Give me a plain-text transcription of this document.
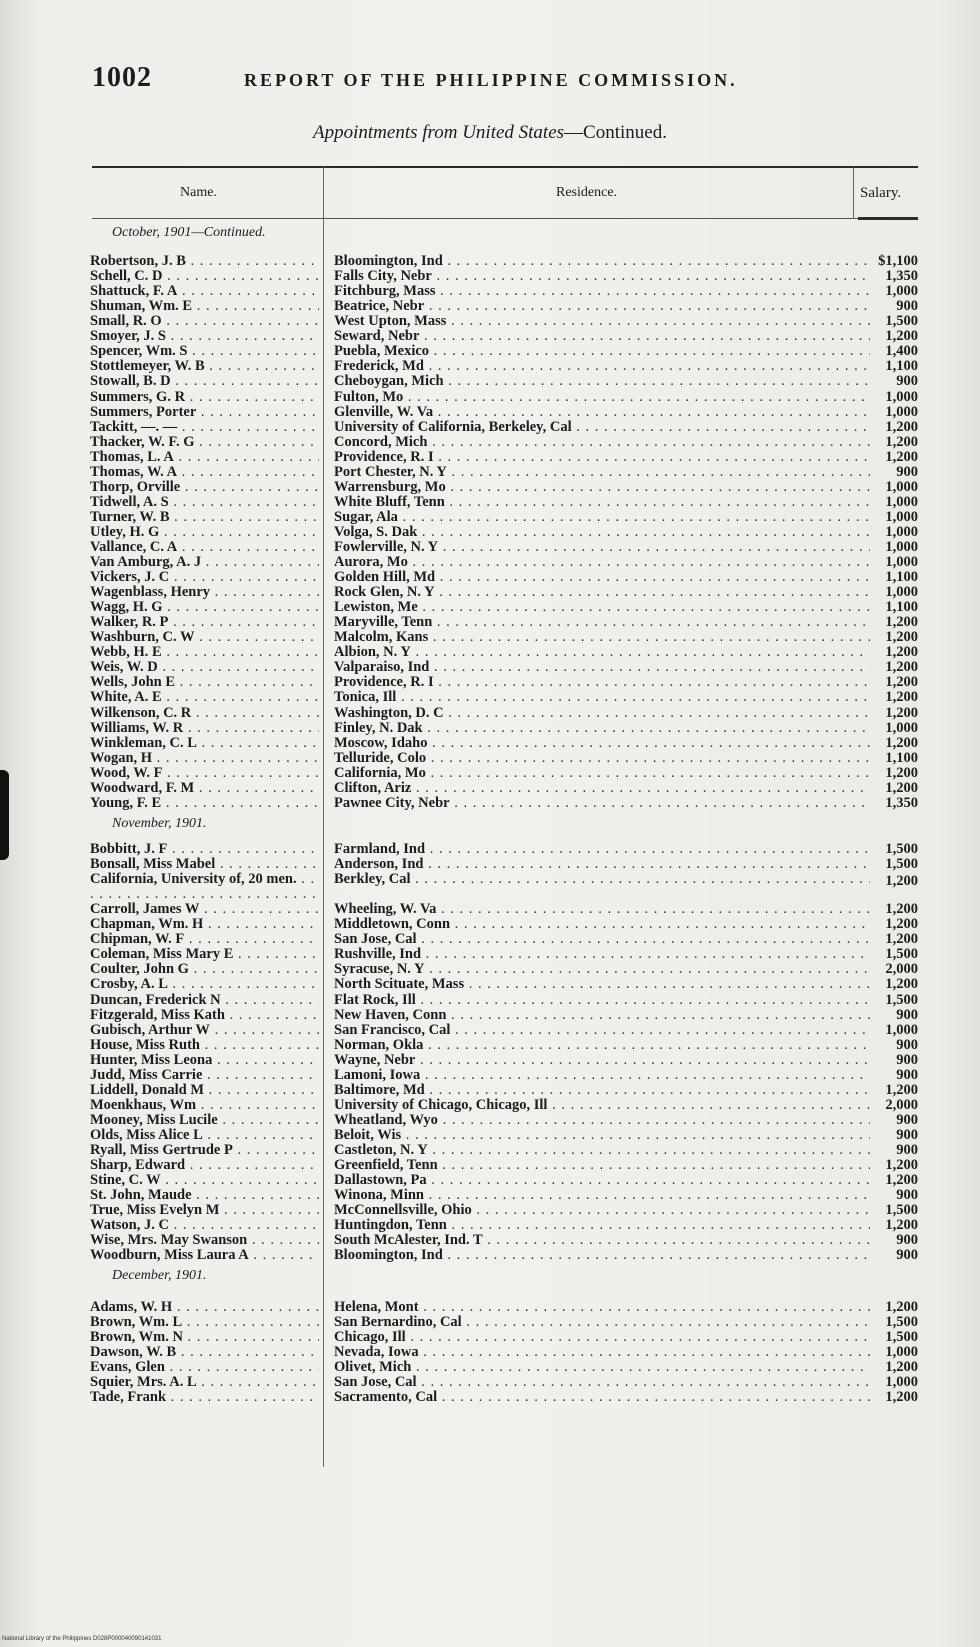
1002	REPORT OF THE PHILIPPINE COMMISSION.
Appointments from United States—Continued.
Name.	Residence.	Salary.
October, 1901—Continued.
Robertson, J. B . . .	Bloomington, Ind . . .	$1,100
Schell, C. D . . .	Falls City, Nebr . . .	1,350
Shattuck, F. A . . .	Fitchburg, Mass . . .	1,000
Shuman, Wm. E . . .	Beatrice, Nebr . . .	900
Small, R. O . . .	West Upton, Mass . . .	1,500
Smoyer, J. S . . .	Seward, Nebr . . .	1,200
Spencer, Wm. S . . .	Puebla, Mexico . . .	1,400
Stottlemeyer, W. B . . .	Frederick, Md . . .	1,100
Stowall, B. D . . .	Cheboygan, Mich . . .	900
Summers, G. R . . .	Fulton, Mo . . .	1,000
Summers, Porter . . .	Glenville, W. Va . . .	1,000
Tackitt, —. — . . .	University of California, Berkeley, Cal . . .	1,200
Thacker, W. F. G . . .	Concord, Mich . . .	1,200
Thomas, L. A . . .	Providence, R. I . . .	1,200
Thomas, W. A . . .	Port Chester, N. Y . . .	900
Thorp, Orville . . .	Warrensburg, Mo . . .	1,000
Tidwell, A. S . . .	White Bluff, Tenn . . .	1,000
Turner, W. B . . .	Sugar, Ala . . .	1,000
Utley, H. G . . .	Volga, S. Dak . . .	1,000
Vallance, C. A . . .	Fowlerville, N. Y . . .	1,000
Van Amburg, A. J . . .	Aurora, Mo . . .	1,000
Vickers, J. C . . .	Golden Hill, Md . . .	1,100
Wagenblass, Henry . . .	Rock Glen, N. Y . . .	1,000
Wagg, H. G . . .	Lewiston, Me . . .	1,100
Walker, R. P . . .	Maryville, Tenn . . .	1,200
Washburn, C. W . . .	Malcolm, Kans . . .	1,200
Webb, H. E . . .	Albion, N. Y . . .	1,200
Weis, W. D . . .	Valparaiso, Ind . . .	1,200
Wells, John E . . .	Providence, R. I . . .	1,200
White, A. E . . .	Tonica, Ill . . .	1,200
Wilkenson, C. R . . .	Washington, D. C . . .	1,200
Williams, W. R . . .	Finley, N. Dak . . .	1,000
Winkleman, C. L . . .	Moscow, Idaho . . .	1,200
Wogan, H . . .	Telluride, Colo . . .	1,100
Wood, W. F . . .	California, Mo . . .	1,200
Woodward, F. M . . .	Clifton, Ariz . . .	1,200
Young, F. E . . .	Pawnee City, Nebr . . .	1,350
November, 1901.
Bobbitt, J. F . . .	Farmland, Ind . . .	1,500
Bonsall, Miss Mabel . . .	Anderson, Ind . . .	1,500
California, University of, 20 men. . . .	Berkley, Cal . . .	1,200
Carroll, James W . . .	Wheeling, W. Va . . .	1,200
Chapman, Wm. H . . .	Middletown, Conn . . .	1,200
Chipman, W. F . . .	San Jose, Cal . . .	1,200
Coleman, Miss Mary E . . .	Rushville, Ind . . .	1,500
Coulter, John G . . .	Syracuse, N. Y . . .	2,000
Crosby, A. L . . .	North Scituate, Mass . . .	1,200
Duncan, Frederick N . . .	Flat Rock, Ill . . .	1,500
Fitzgerald, Miss Kath . . .	New Haven, Conn . . .	900
Gubisch, Arthur W . . .	San Francisco, Cal . . .	1,000
House, Miss Ruth . . .	Norman, Okla . . .	900
Hunter, Miss Leona . . .	Wayne, Nebr . . .	900
Judd, Miss Carrie . . .	Lamoni, Iowa . . .	900
Liddell, Donald M . . .	Baltimore, Md . . .	1,200
Moenkhaus, Wm . . .	University of Chicago, Chicago, Ill . . .	2,000
Mooney, Miss Lucile . . .	Wheatland, Wyo . . .	900
Olds, Miss Alice L . . .	Beloit, Wis . . .	900
Ryall, Miss Gertrude P . . .	Castleton, N. Y . . .	900
Sharp, Edward . . .	Greenfield, Tenn . . .	1,200
Stine, C. W . . .	Dallastown, Pa . . .	1,200
St. John, Maude . . .	Winona, Minn . . .	900
True, Miss Evelyn M . . .	McConnellsville, Ohio . . .	1,500
Watson, J. C . . .	Huntingdon, Tenn . . .	1,200
Wise, Mrs. May Swanson . . .	South McAlester, Ind. T . . .	900
Woodburn, Miss Laura A . . .	Bloomington, Ind . . .	900
December, 1901.
Adams, W. H . . .	Helena, Mont . . .	1,200
Brown, Wm. L . . .	San Bernardino, Cal . . .	1,500
Brown, Wm. N . . .	Chicago, Ill . . .	1,500
Dawson, W. B . . .	Nevada, Iowa . . .	1,000
Evans, Glen . . .	Olivet, Mich . . .	1,200
Squier, Mrs. A. L . . .	San Jose, Cal . . .	1,000
Tade, Frank . . .	Sacramento, Cal . . .	1,200
National Library of the Philippines D028P000040090141031
